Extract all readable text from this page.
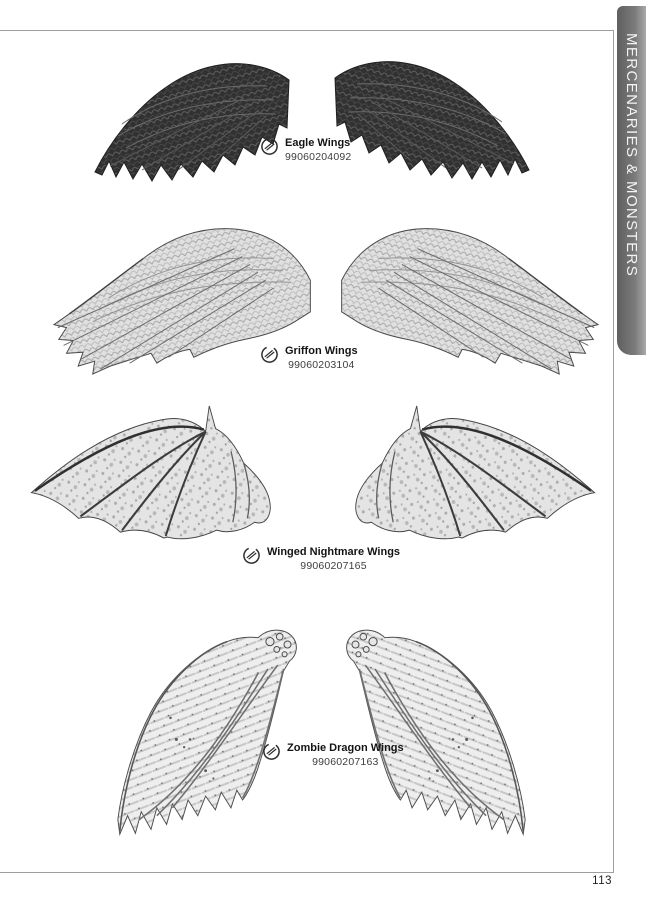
MERCENARIES & MONSTERS
Eagle Wings
99060204092
Griffon Wings
99060203104
Winged Nightmare Wings
99060207165
Zombie Dragon Wings
99060207163
113
